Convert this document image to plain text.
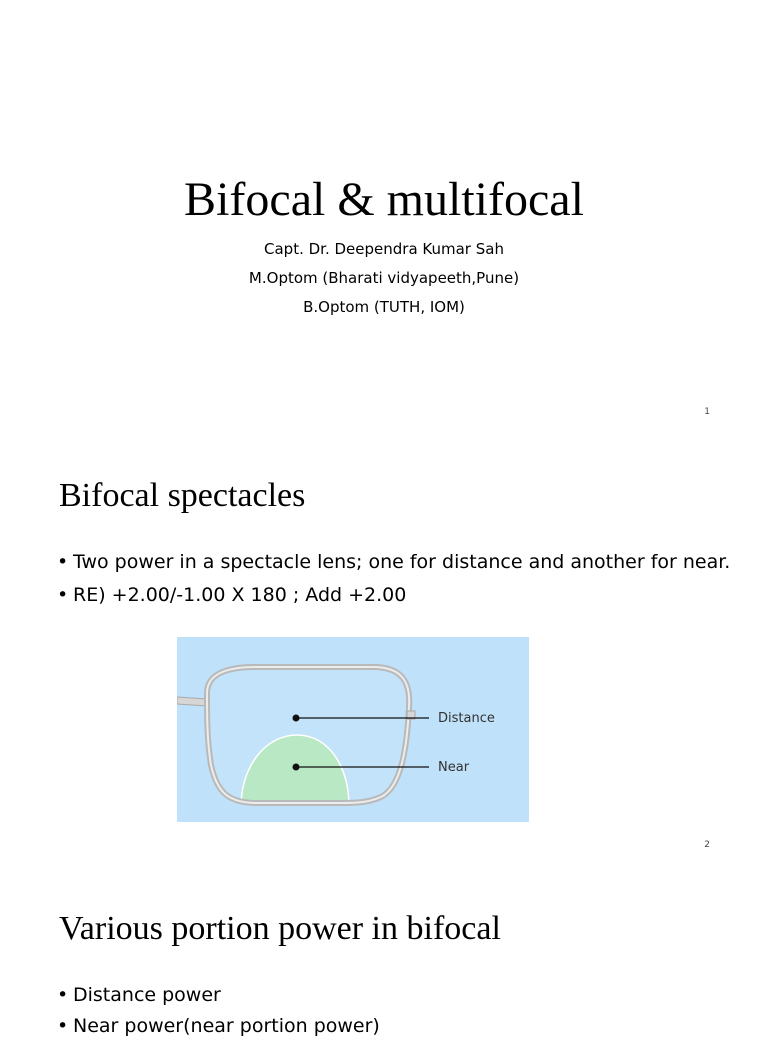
Bifocal & multifocal
Capt. Dr. Deependra Kumar Sah
M.Optom (Bharati vidyapeeth,Pune)
B.Optom (TUTH, IOM)
1
Bifocal spectacles
• Two power in a spectacle lens; one for distance and another for near.
• RE) +2.00/-1.00 X 180 ; Add +2.00
Distance
Near
2
Various portion power in bifocal
• Distance power
• Near power(near portion power)
